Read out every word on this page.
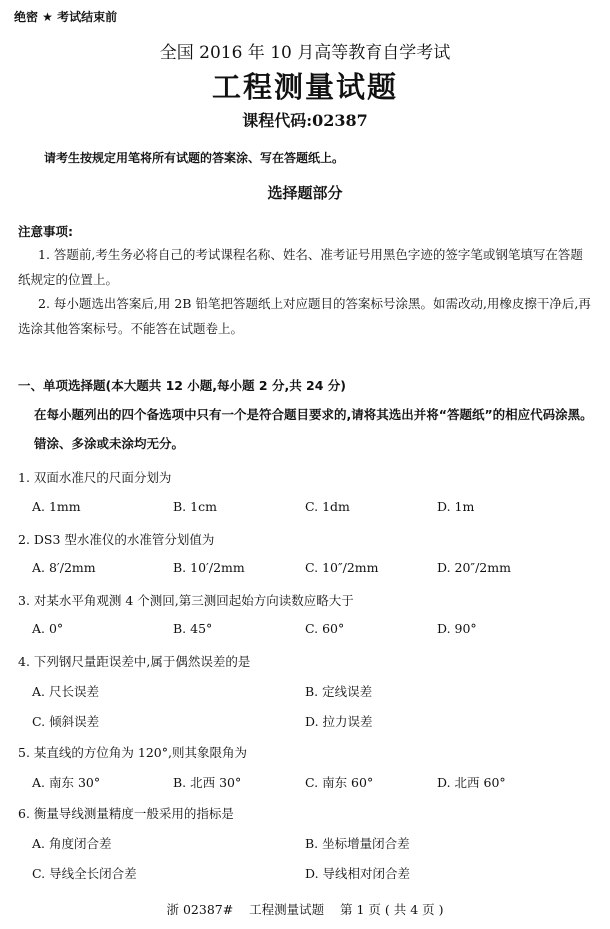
绝密 ★ 考试结束前
全国 2016 年 10 月高等教育自学考试
工程测量试题
课程代码:02387
请考生按规定用笔将所有试题的答案涂、写在答题纸上。
选择题部分
注意事项:
1. 答题前,考生务必将自己的考试课程名称、姓名、准考证号用黑色字迹的签字笔或钢笔填写在答题纸规定的位置上。
2. 每小题选出答案后,用 2B 铅笔把答题纸上对应题目的答案标号涂黑。如需改动,用橡皮擦干净后,再选涂其他答案标号。不能答在试题卷上。
一、单项选择题(本大题共 12 小题,每小题 2 分,共 24 分)
在每小题列出的四个备选项中只有一个是符合题目要求的,请将其选出并将“答题纸”的相应代码涂黑。错涂、多涂或未涂均无分。
1. 双面水准尺的尺面分划为
A. 1mm	B. 1cm	C. 1dm	D. 1m
2. DS3 型水准仪的水准管分划值为
A. 8′/2mm	B. 10′/2mm	C. 10″/2mm	D. 20″/2mm
3. 对某水平角观测 4 个测回,第三测回起始方向读数应略大于
A. 0°	B. 45°	C. 60°	D. 90°
4. 下列钢尺量距误差中,属于偶然误差的是
A. 尺长误差	B. 定线误差
C. 倾斜误差	D. 拉力误差
5. 某直线的方位角为 120°,则其象限角为
A. 南东 30°	B. 北西 30°	C. 南东 60°	D. 北西 60°
6. 衡量导线测量精度一般采用的指标是
A. 角度闭合差	B. 坐标增量闭合差
C. 导线全长闭合差	D. 导线相对闭合差
浙 02387#    工程测量试题    第 1 页 ( 共 4 页 )
